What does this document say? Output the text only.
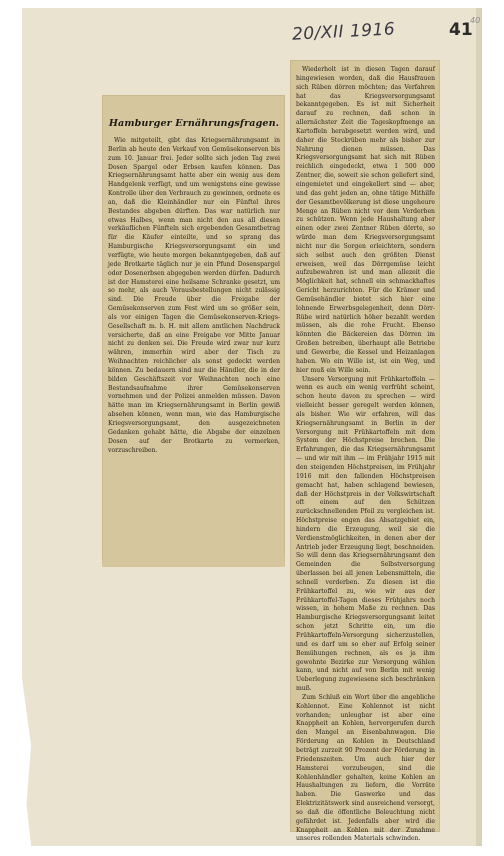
20/XII 1916	41
40
Hamburger Ernährungsfragen.

Wie mitgeteilt, gibt das Kriegsernährungsamt in Berlin ab heute den Verkauf von Gemüsekonserven bis zum 10. Januar frei. Jeder sollte sich jeden Tag zwei Dosen Spargel oder Erbsen kaufen können. Das Kriegsernährungsamt hatte aber ein wenig aus dem Handgelenk verfügt, und um wenigstens eine gewisse Kontrolle über den Verbrauch zu gewinnen, ordnete es an, daß die Kleinhändler nur ein Fünftel ihres Bestandes abgeben dürften. Das war natürlich nur etwas Halbes, wenn man nicht den aus all diesen verkäuflichen Fünfteln sich ergebenden Gesamtbetrag für die Käufer einteilte, und so sprang das Hamburgische Kriegsversorgungsamt ein und verfügte, wie heute morgen bekanntgegeben, daß auf jede Brotkarte täglich nur je ein Pfund Dosenspargel oder Dosenerbsen abgegeben werden dürfen. Dadurch ist der Hamsterei eine heilsame Schranke gesetzt, um so mehr, als auch Vorausbestellungen nicht zulässig sind. Die Freude über die Freigabe der Gemüsekonserven zum Fest wird um so größer sein, als vor einigen Tagen die Gemüsekonserven-Kriegs-Gesellschaft m. b. H. mit allem amtlichen Nachdruck versicherte, daß an eine Freigabe vor Mitte Januar nicht zu denken sei. Die Freude wird zwar nur kurz währen, immerhin wird aber der Tisch zu Weihnachten reichlicher als sonst gedeckt werden können. Zu bedauern sind nur die Händler, die in der bilden Geschäftszeit vor Weihnachten noch eine Bestandsaufnahme ihrer Gemüsekonserven vornehmen und der Polizei anmelden müssen. Davon hätte man im Kriegsernährungsamt in Berlin gewiß absehen können, wenn man, wie das Hamburgische Kriegsversorgungsamt, den ausgezeichneten Gedanken gehabt hätte, die Abgabe der einzelnen Dosen auf der Brotkarte zu vermerken, vorzuschreiben.

Wiederholt ist in diesen Tagen darauf hingewiesen worden, daß die Hausfrauen sich Rüben dörren möchten; das Verfahren hat das Kriegsversorgungsamt bekanntgegeben. Es ist mit Sicherheit darauf zu rechnen, daß schon in allernächster Zeit die Tageskopfmenge an Kartoffeln herabgesetzt werden wird, und daher die Steckrüben mehr als bisher zur Nahrung dienen müssen. Das Kriegsversorgungsamt hat sich mit Rüben reichlich eingedeckt, etwa 1 500 000 Zentner, die, soweit sie schon geliefert sind, eingemietet und eingekellert sind — aber, und das geht jeden an, ohne tätige Mithilfe der Gesamtbevölkerung ist diese ungeheure Menge an Rüben nicht vor dem Verderben zu schützen. Wenn jede Haushaltung aber einen oder zwei Zentner Rüben dörrte, so würde man dem Kriegsversorgungsamt nicht nur die Sorgen erleichtern, sondern sich selbst auch den größten Dienst erweisen, weil das Dörrgemüse leicht aufzubewahren ist und man allezeit die Möglichkeit hat, schnell ein schmackhaftes Gericht herzurichten. Für die Krämer und Gemüsehändler bietet sich hier eine lohnende Erwerbsgelegenheit, denn Dörr-Rübe wird natürlich höher bezahlt werden müssen, als die rohe Frucht. Ebenso könnten die Bäckereien das Dörren im Großen betreiben, überhaupt alle Betriebe und Gewerbe, die Kessel und Heizanlagen haben. Wo ein Wille ist, ist ein Weg, und hier muß ein Wille sein.

Unsere Versorgung mit Frühkartoffeln — wenn es auch ein wenig verfrüht scheint, schon heute davon zu sprechen — wird vielleicht besser geregelt werden können, als bisher. Wie wir erfahren, will das Kriegsernährungsamt in Berlin in der Versorgung mit Frühkartoffeln mit dem System der Höchstpreise brechen. Die Erfahrungen, die das Kriegsernährungsamt — und wir mit ihm — im Frühjahr 1915 mit den steigenden Höchstpreisen, im Frühjahr 1916 mit den fallenden Höchstpreisen gemacht hat, haben schlagend bewiesen, daß der Höchstpreis in der Volkswirtschaft oft einem auf den Schützen zurückschnellenden Pfeil zu vergleichen ist. Höchstpreise engen das Absatzgebiet ein, hindern die Erzeugung, weil sie die Verdienstmöglichkeiten, in denen aber der Antrieb jeder Erzeugung liegt, beschneiden. So will denn das Kriegsernährungsamt den Gemeinden die Selbstversorgung überlassen bei all jenen Lebensmitteln, die schnell verderben. Zu diesen ist die Frühkartoffel zu, wie wir aus der Frühkartoffel-Tagen dieses Frühjahrs noch wissen, in hohem Maße zu rechnen. Das Hamburgische Kriegsversorgungsamt leitet schon jetzt Schritte ein, um die Frühkartoffeln-Versorgung sicherzustellen, und es darf um so eher auf Erfolg seiner Bemühungen rechnen, als es ja ihm gewohnte Bezirke zur Versorgung wählen kann, und nicht auf von Berlin mit wenig Ueberlegung zugewiesene sich beschränken muß.

Zum Schluß ein Wort über die angebliche Kohlennot. Eine Kohlennot ist nicht vorhanden; unleugbar ist aber eine Knappheit an Kohlen, hervorgerufen durch den Mangel an Eisenbahnwagen. Die Förderung an Kohlen in Deutschland beträgt zurzeit 90 Prozent der Förderung in Friedenszeiten. Um auch hier der Hamsterei vorzubeugen, sind die Kohlenhändler gehalten, keine Kohlen an Haushaltungen zu liefern, die Vorräte haben. Die Gaswerke und das Elektrizitätswerk sind ausreichend versorgt, so daß die öffentliche Beleuchtung nicht gefährdet ist. Jedenfalls aber wird die Knappheit an Kohlen mit der Zunahme unseres rollenden Materials schwinden.
